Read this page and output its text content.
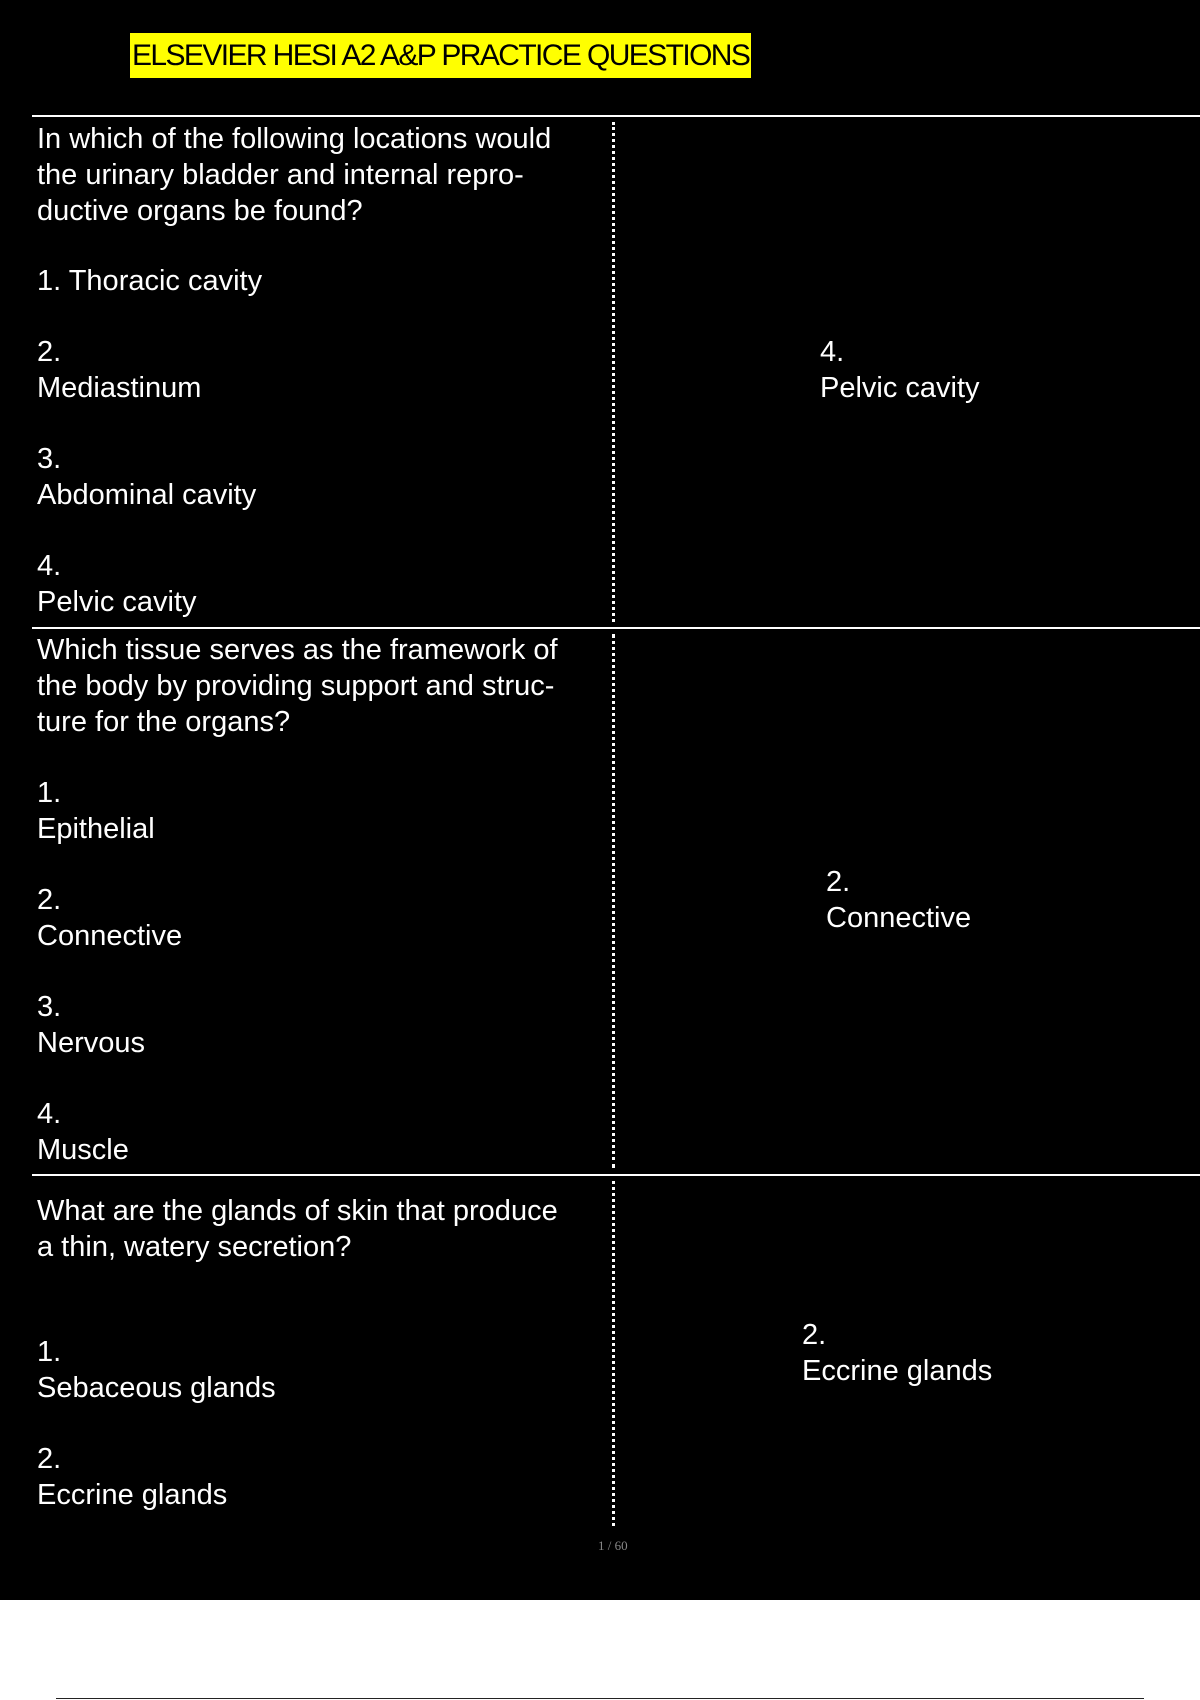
ELSEVIER HESI A2 A&P PRACTICE QUESTIONS
In which of the following locations would
the urinary bladder and internal repro-
ductive organs be found?
1. Thoracic cavity
2.
Mediastinum
3.
Abdominal cavity
4.
Pelvic cavity
4.
Pelvic cavity
Which tissue serves as the framework of
the body by providing support and struc-
ture for the organs?
1.
Epithelial
2.
Connective
3.
Nervous
4.
Muscle
2.
Connective
What are the glands of skin that produce
a thin, watery secretion?
1.
Sebaceous glands
2.
Eccrine glands
2.
Eccrine glands
1 / 60
